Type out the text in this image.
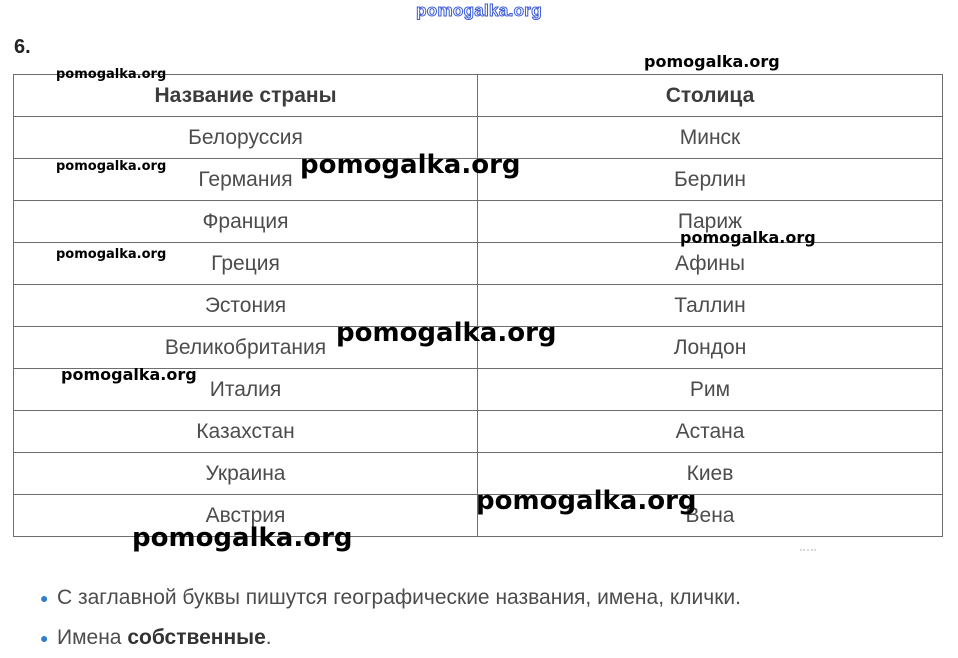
pomogalka.org
6.
Название страны	Столица
Белоруссия	Минск
Германия	Берлин
Франция	Париж
Греция	Афины
Эстония	Таллин
Великобритания	Лондон
Италия	Рим
Казахстан	Астана
Украина	Киев
Австрия	Вена
pomogalka.org
pomogalka.org
pomogalka.org	pomogalka.org
pomogalka.org
pomogalka.org
pomogalka.org
pomogalka.org
pomogalka.org
pomogalka.org
● С заглавной буквы пишутся географические названия, имена, клички.
● Имена собственные .
